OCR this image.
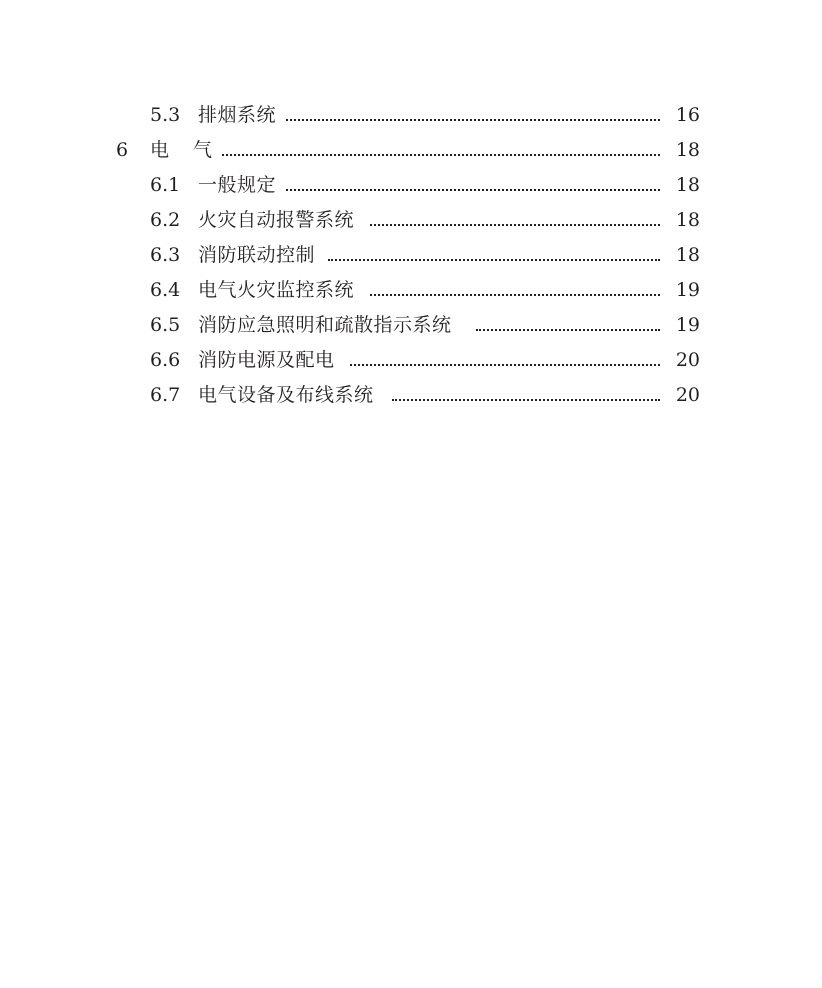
5.3 排烟系统	16
6 电气	18
6.1 一般规定	18
6.2 火灾自动报警系统	18
6.3 消防联动控制	18
6.4 电气火灾监控系统	19
6.5 消防应急照明和疏散指示系统	19
6.6 消防电源及配电	20
6.7 电气设备及布线系统	20
